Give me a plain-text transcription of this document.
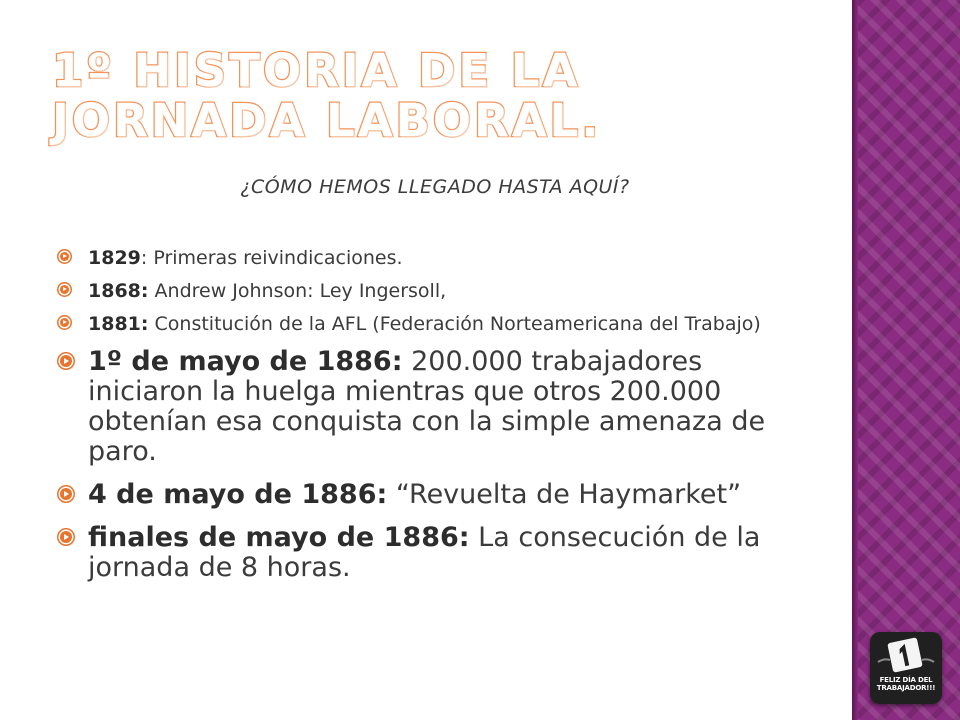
1º HISTORIA DE LA JORNADA LABORAL.
¿CÓMO HEMOS LLEGADO HASTA AQUÍ?
1829: Primeras reivindicaciones.
1868: Andrew Johnson: Ley Ingersoll,
1881: Constitución de la AFL (Federación Norteamericana del Trabajo)
1º de mayo de 1886: 200.000 trabajadores iniciaron la huelga mientras que otros 200.000 obtenían esa conquista con la simple amenaza de paro.
4 de mayo de 1886: “Revuelta de Haymarket”
finales de mayo de 1886: La consecución de la jornada de 8 horas.
FELIZ DÍA DEL
TRABAJADOR!!!
